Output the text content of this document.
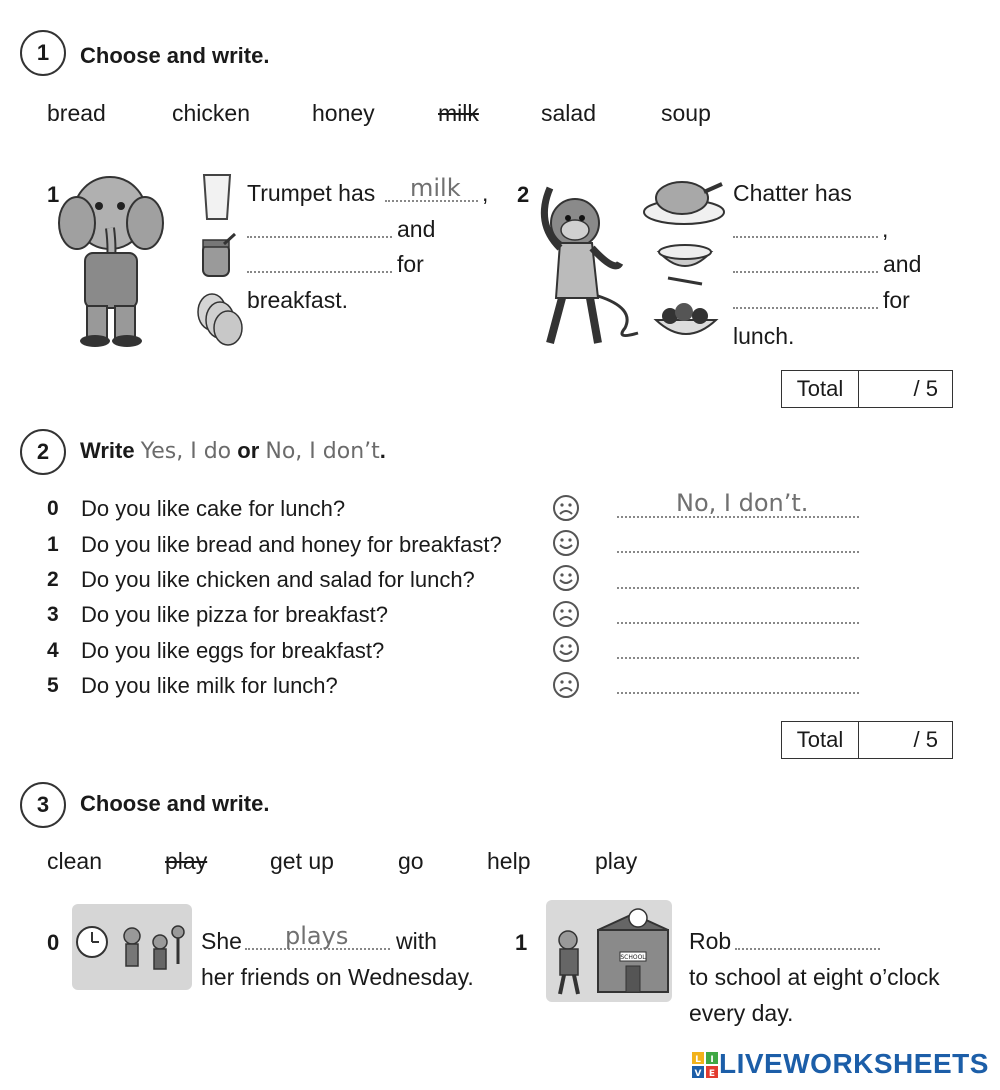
1	Choose and write.
bread	chicken	honey	milk	salad	soup
1	Trumpet has milk ,
and
for
breakfast.
2	Chatter has
,
and
for
lunch.
Total	/ 5
2	Write Yes, I do or No, I don’t.
0 Do you like cake for lunch?	No, I don’t.
1 Do you like bread and honey for breakfast?
2 Do you like chicken and salad for lunch?
3 Do you like pizza for breakfast?
4 Do you like eggs for breakfast?
5 Do you like milk for lunch?
Total	/ 5
3	Choose and write.
clean	play	get up	go	help	play
0	She plays with
her friends on Wednesday.
1
SCHOOL
Rob
to school at eight o’clock
every day.
L I
V E LIVEWORKSHEETS
